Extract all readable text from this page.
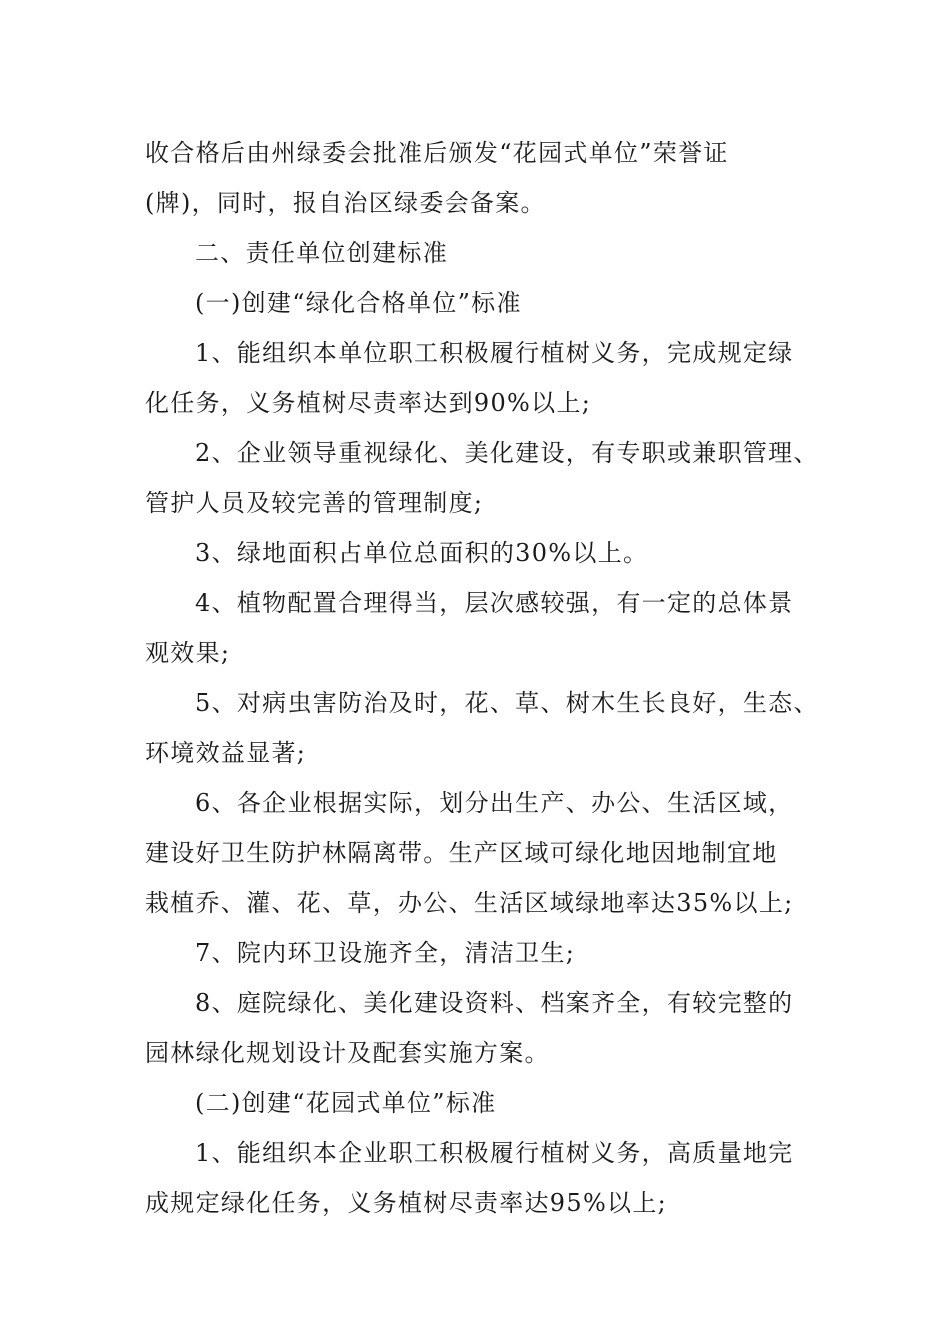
收合格后由州绿委会批准后颁发“花园式单位”荣誉证
(牌)，同时，报自治区绿委会备案。
二、责任单位创建标准
(一)创建“绿化合格单位”标准
1、能组织本单位职工积极履行植树义务，完成规定绿
化任务，义务植树尽责率达到90%以上;
2、企业领导重视绿化、美化建设，有专职或兼职管理、
管护人员及较完善的管理制度;
3、绿地面积占单位总面积的30%以上。
4、植物配置合理得当，层次感较强，有一定的总体景
观效果;
5、对病虫害防治及时，花、草、树木生长良好，生态、
环境效益显著;
6、各企业根据实际，划分出生产、办公、生活区域，
建设好卫生防护林隔离带。生产区域可绿化地因地制宜地
栽植乔、灌、花、草，办公、生活区域绿地率达35%以上;
7、院内环卫设施齐全，清洁卫生;
8、庭院绿化、美化建设资料、档案齐全，有较完整的
园林绿化规划设计及配套实施方案。
(二)创建“花园式单位”标准
1、能组织本企业职工积极履行植树义务，高质量地完
成规定绿化任务，义务植树尽责率达95%以上;
